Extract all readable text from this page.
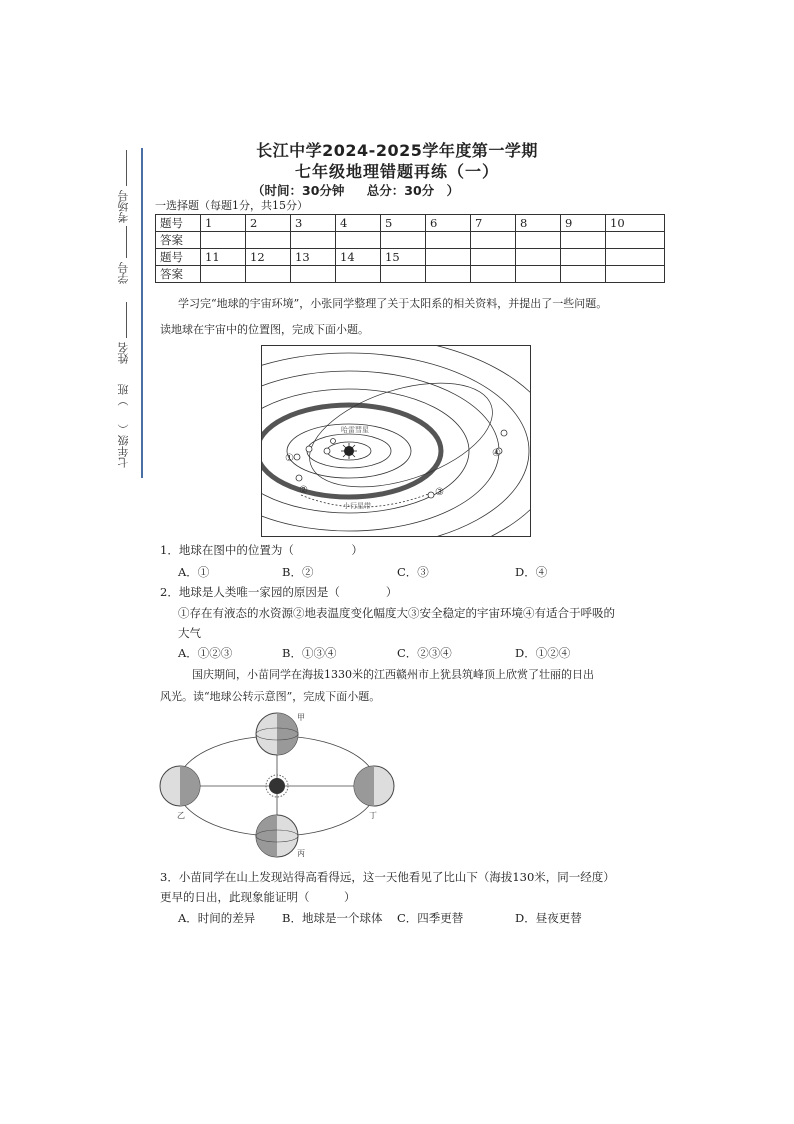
长江中学2024-2025学年度第一学期
七年级地理错题再练（一）
（时间：30分钟 总分：30分　）
考场号
学号
姓名
）班
七年级（
一选择题（每题1分，共15分）
题号	1	2	3	4	5	6	7	8	9	10
答案										
题号	11	12	13	14	15					
答案										
学习完“地球的宇宙环境”，小张同学整理了关于太阳系的相关资料，并提出了一些问题。
读地球在宇宙中的位置图，完成下面小题。
①
②	③
④
哈雷彗星
小行星带
1．地球在图中的位置为（　　　　　）
A．①	B．②	C．③	D．④
2．地球是人类唯一家园的原因是（　　　　）
①存在有液态的水资源②地表温度变化幅度大③安全稳定的宇宙环境④有适合于呼吸的
大气
A．①②③	B．①③④	C．②③④	D．①②④
国庆期间，小苗同学在海拔1330米的江西赣州市上犹县筑峰顶上欣赏了壮丽的日出
风光。读“地球公转示意图”，完成下面小题。
甲
乙
丙
丁
3．小苗同学在山上发现站得高看得远，这一天他看见了比山下（海拔130米，同一经度）
更早的日出，此现象能证明（　　　）
A．时间的差异 B．地球是一个球体 C．四季更替	D．昼夜更替
